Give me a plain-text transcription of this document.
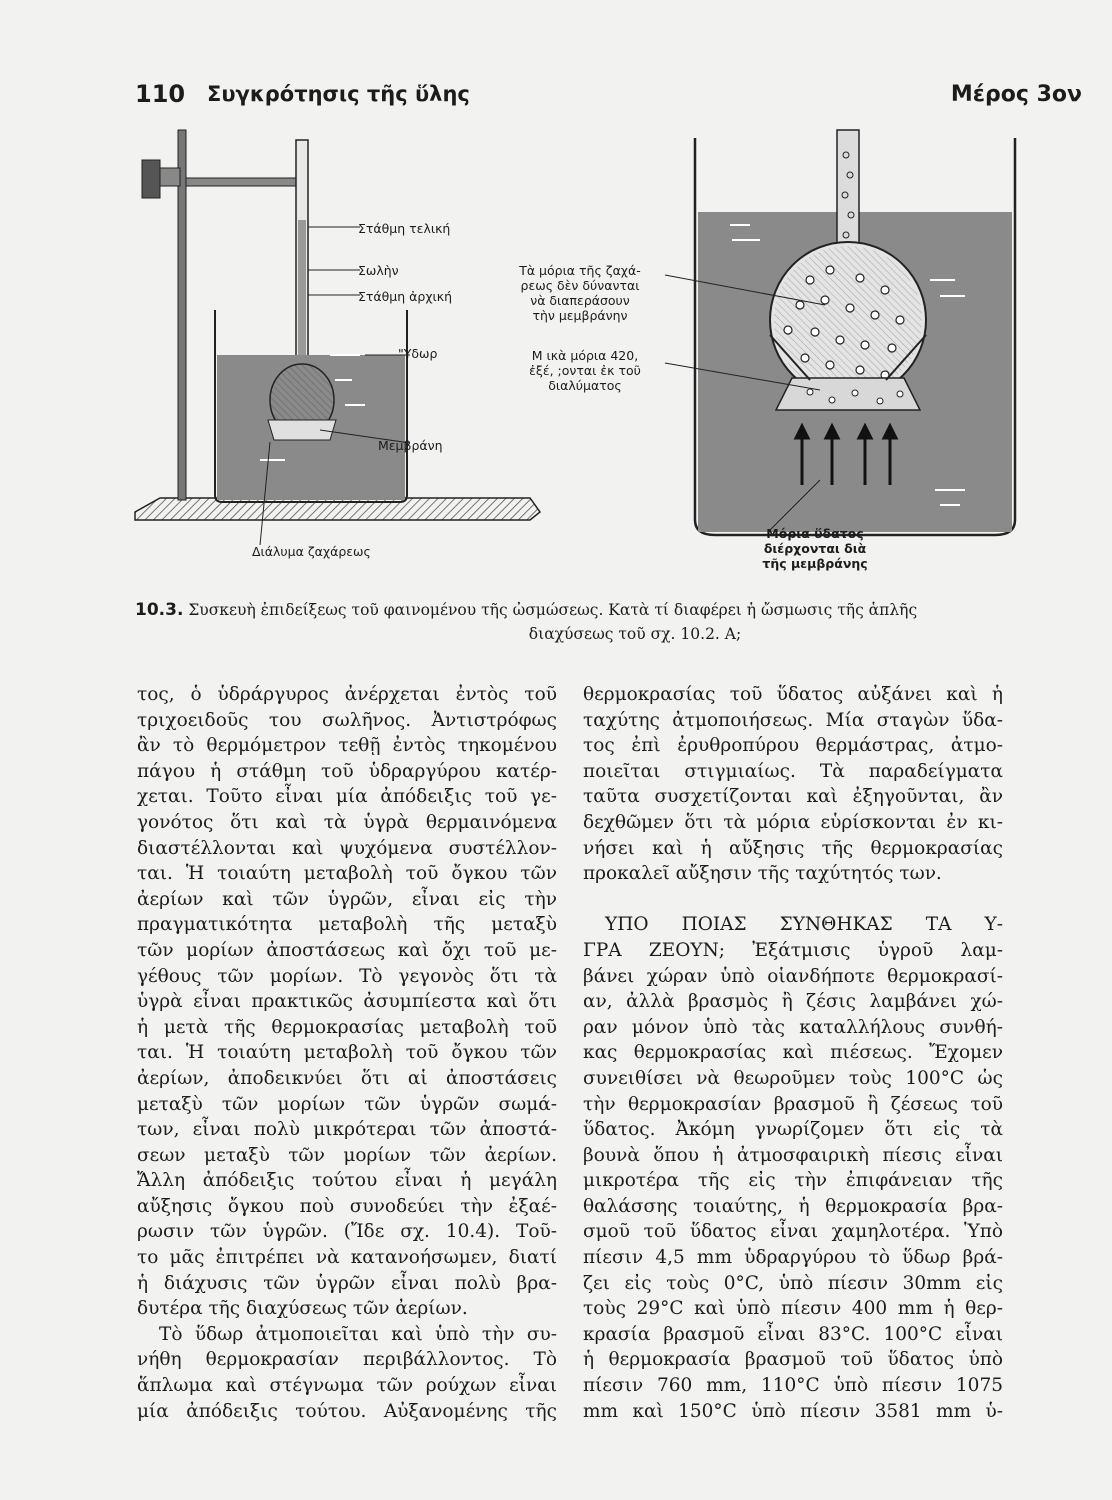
110 Συγκρότησις τῆς ὕλης	Μέρος 3ον
Στάθμη τελική
Σωλὴν
Στάθμη ἀρχική
"Υδωρ
Μεμβράνη
Διάλυμα ζαχάρεως
Τὰ μόρια τῆς ζαχά-
ρεως δὲν δύνανται
νὰ διαπεράσουν
τὴν μεμβράνην
Μ ικὰ μόρια 420,
ἐξέ, ;ονται ἐκ τοῦ
διαλύματος
Μόρια ὕδατος
διέρχονται διὰ
τῆς μεμβράνης
10.3. Συσκευὴ ἐπιδείξεως τοῦ φαινομένου τῆς ὠσμώσεως. Κατὰ τί διαφέρει ἡ ὤσμωσις τῆς ἁπλῆς
διαχύσεως τοῦ σχ. 10.2. Α;
τος, ὁ ὑδράργυρος ἀνέρχεται ἐντὸς τοῦ
τριχοειδοῦς του σωλῆνος. Ἀντιστρόφως
ἂν τὸ θερμόμετρον τεθῇ ἐντὸς τηκομένου
πάγου ἡ στάθμη τοῦ ὑδραργύρου κατέρ-
χεται. Τοῦτο εἶναι μία ἀπόδειξις τοῦ γε-
γονότος ὅτι καὶ τὰ ὑγρὰ θερμαινόμενα
διαστέλλονται καὶ ψυχόμενα συστέλλον-
ται. Ἡ τοιαύτη μεταβολὴ τοῦ ὄγκου τῶν
ἀερίων καὶ τῶν ὑγρῶν, εἶναι εἰς τὴν
πραγματικότητα μεταβολὴ τῆς μεταξὺ
τῶν μορίων ἀποστάσεως καὶ ὄχι τοῦ με-
γέθους τῶν μορίων. Τὸ γεγονὸς ὅτι τὰ
ὑγρὰ εἶναι πρακτικῶς ἀσυμπίεστα καὶ ὅτι
ἡ μετὰ τῆς θερμοκρασίας μεταβολὴ τοῦ
ται. Ἡ τοιαύτη μεταβολὴ τοῦ ὄγκου τῶν
ἀερίων, ἀποδεικνύει ὅτι αἱ ἀποστάσεις
μεταξὺ τῶν μορίων τῶν ὑγρῶν σωμά-
των, εἶναι πολὺ μικρότεραι τῶν ἀποστά-
σεων μεταξὺ τῶν μορίων τῶν ἀερίων.
Ἄλλη ἀπόδειξις τούτου εἶναι ἡ μεγάλη
αὔξησις ὄγκου ποὺ συνοδεύει τὴν ἐξαέ-
ρωσιν τῶν ὑγρῶν. (Ἴδε σχ. 10.4). Τοῦ-
το μᾶς ἐπιτρέπει νὰ κατανοήσωμεν, διατί
ἡ διάχυσις τῶν ὑγρῶν εἶναι πολὺ βρα-
δυτέρα τῆς διαχύσεως τῶν ἀερίων.
Τὸ ὕδωρ ἀτμοποιεῖται καὶ ὑπὸ τὴν συ-
νήθη θερμοκρασίαν περιβάλλοντος. Τὸ
ἅπλωμα καὶ στέγνωμα τῶν ρούχων εἶναι
μία ἀπόδειξις τούτου. Αὐξανομένης τῆς
θερμοκρασίας τοῦ ὕδατος αὐξάνει καὶ ἡ
ταχύτης ἀτμοποιήσεως. Μία σταγὼν ὕδα-
τος ἐπὶ ἐρυθροπύρου θερμάστρας, ἀτμο-
ποιεῖται στιγμιαίως. Τὰ παραδείγματα
ταῦτα συσχετίζονται καὶ ἐξηγοῦνται, ἂν
δεχθῶμεν ὅτι τὰ μόρια εὑρίσκονται ἐν κι-
νήσει καὶ ἡ αὔξησις τῆς θερμοκρασίας
προκαλεῖ αὔξησιν τῆς ταχύτητός των.
ΥΠΟ ΠΟΙΑΣ ΣΥΝΘΗΚΑΣ ΤΑ Υ-
ΓΡΑ ΖΕΟΥΝ; Ἐξάτμισις ὑγροῦ λαμ-
βάνει χώραν ὑπὸ οἱανδήποτε θερμοκρασί-
αν, ἀλλὰ βρασμὸς ἢ ζέσις λαμβάνει χώ-
ραν μόνον ὑπὸ τὰς καταλλήλους συνθή-
κας θερμοκρασίας καὶ πιέσεως. Ἔχομεν
συνειθίσει νὰ θεωροῦμεν τοὺς 100°C ὡς
τὴν θερμοκρασίαν βρασμοῦ ἢ ζέσεως τοῦ
ὕδατος. Ἀκόμη γνωρίζομεν ὅτι εἰς τὰ
βουνὰ ὅπου ἡ ἀτμοσφαιρικὴ πίεσις εἶναι
μικροτέρα τῆς εἰς τὴν ἐπιφάνειαν τῆς
θαλάσσης τοιαύτης, ἡ θερμοκρασία βρα-
σμοῦ τοῦ ὕδατος εἶναι χαμηλοτέρα. Ὑπὸ
πίεσιν 4,5 mm ὑδραργύρου τὸ ὕδωρ βρά-
ζει εἰς τοὺς 0°C, ὑπὸ πίεσιν 30mm εἰς
τοὺς 29°C καὶ ὑπὸ πίεσιν 400 mm ἡ θερ-
κρασία βρασμοῦ εἶναι 83°C. 100°C εἶναι
ἡ θερμοκρασία βρασμοῦ τοῦ ὕδατος ὑπὸ
πίεσιν 760 mm, 110°C ὑπὸ πίεσιν 1075
mm καὶ 150°C ὑπὸ πίεσιν 3581 mm ὑ-
